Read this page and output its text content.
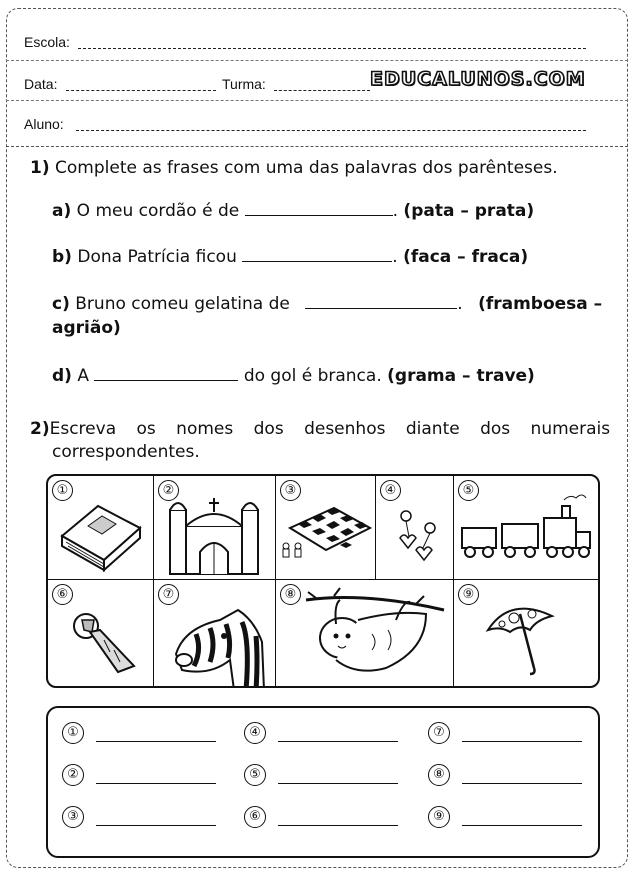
Escola:
Data:	Turma:	EDUCALUNOS.COM
Aluno:
1) Complete as frases com uma das palavras dos parênteses.
a) O meu cordão é de	. (pata – prata)
b) Dona Patrícia ficou	. (faca – fraca)
c) Bruno comeu gelatina de	. (framboesa –
agrião)
d) A	do gol é branca. (grama – trave)
2)Escreva os nomes dos desenhos diante dos numerais
correspondentes.
①	②	③	④	⑤
⑥	⑦	⑧	⑨
①	④	⑦
②	⑤	⑧
③	⑥	⑨
